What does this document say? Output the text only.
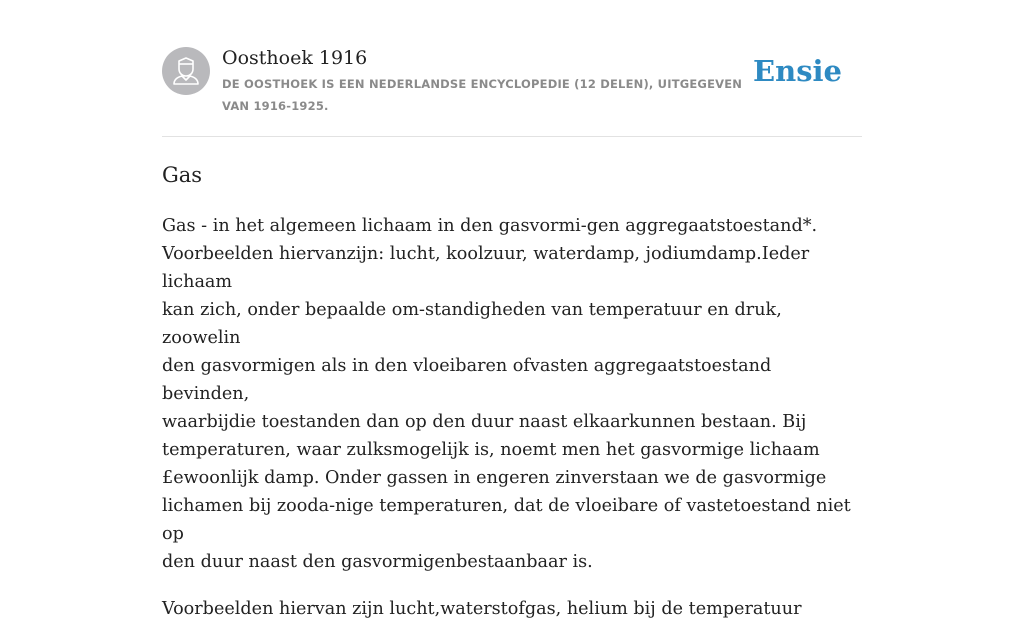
Oosthoek 1916
DE OOSTHOEK IS EEN NEDERLANDSE ENCYCLOPEDIE (12 DELEN), UITGEGEVEN VAN 1916-1925.
Ensie
Gas

Gas - in het algemeen lichaam in den gasvormi-gen aggregaatstoestand*.
Voorbeelden hiervanzijn: lucht, koolzuur, waterdamp, jodiumdamp.Ieder lichaam
kan zich, onder bepaalde om-standigheden van temperatuur en druk, zoowelin
den gasvormigen als in den vloeibaren ofvasten aggregaatstoestand bevinden,
waarbijdie toestanden dan op den duur naast elkaarkunnen bestaan. Bij
temperaturen, waar zulksmogelijk is, noemt men het gasvormige lichaam
£ewoonlijk damp. Onder gassen in engeren zinverstaan we de gasvormige
lichamen bij zooda-nige temperaturen, dat de vloeibare of vastetoestand niet op
den duur naast den gasvormigenbestaanbaar is.

Voorbeelden hiervan zijn lucht,waterstofgas, helium bij de temperatuur
